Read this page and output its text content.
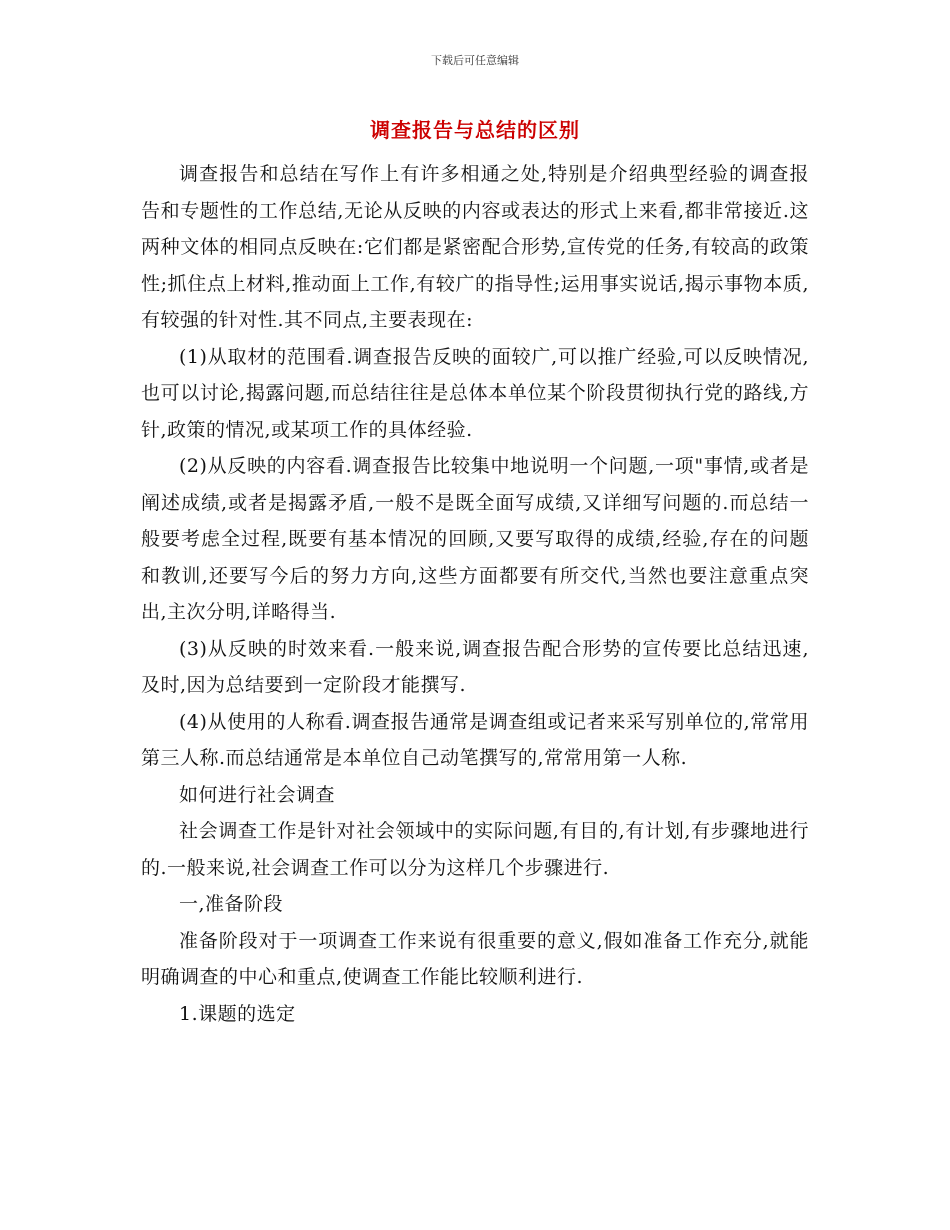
下载后可任意编辑
调查报告与总结的区别

调查报告和总结在写作上有许多相通之处,特别是介绍典型经验的调查报告和专题性的工作总结,无论从反映的内容或表达的形式上来看,都非常接近.这两种文体的相同点反映在:它们都是紧密配合形势,宣传党的任务,有较高的政策性;抓住点上材料,推动面上工作,有较广的指导性;运用事实说话,揭示事物本质,有较强的针对性.其不同点,主要表现在:

(1)从取材的范围看.调查报告反映的面较广,可以推广经验,可以反映情况,也可以讨论,揭露问题,而总结往往是总体本单位某个阶段贯彻执行党的路线,方针,政策的情况,或某项工作的具体经验.

(2)从反映的内容看.调查报告比较集中地说明一个问题,一项"事情,或者是阐述成绩,或者是揭露矛盾,一般不是既全面写成绩,又详细写问题的.而总结一般要考虑全过程,既要有基本情况的回顾,又要写取得的成绩,经验,存在的问题和教训,还要写今后的努力方向,这些方面都要有所交代,当然也要注意重点突出,主次分明,详略得当.

(3)从反映的时效来看.一般来说,调查报告配合形势的宣传要比总结迅速,及时,因为总结要到一定阶段才能撰写.

(4)从使用的人称看.调查报告通常是调查组或记者来采写别单位的,常常用第三人称.而总结通常是本单位自己动笔撰写的,常常用第一人称.

如何进行社会调查

社会调查工作是针对社会领域中的实际问题,有目的,有计划,有步骤地进行的.一般来说,社会调查工作可以分为这样几个步骤进行.

一,准备阶段

准备阶段对于一项调查工作来说有很重要的意义,假如准备工作充分,就能明确调查的中心和重点,使调查工作能比较顺利进行.

1.课题的选定
